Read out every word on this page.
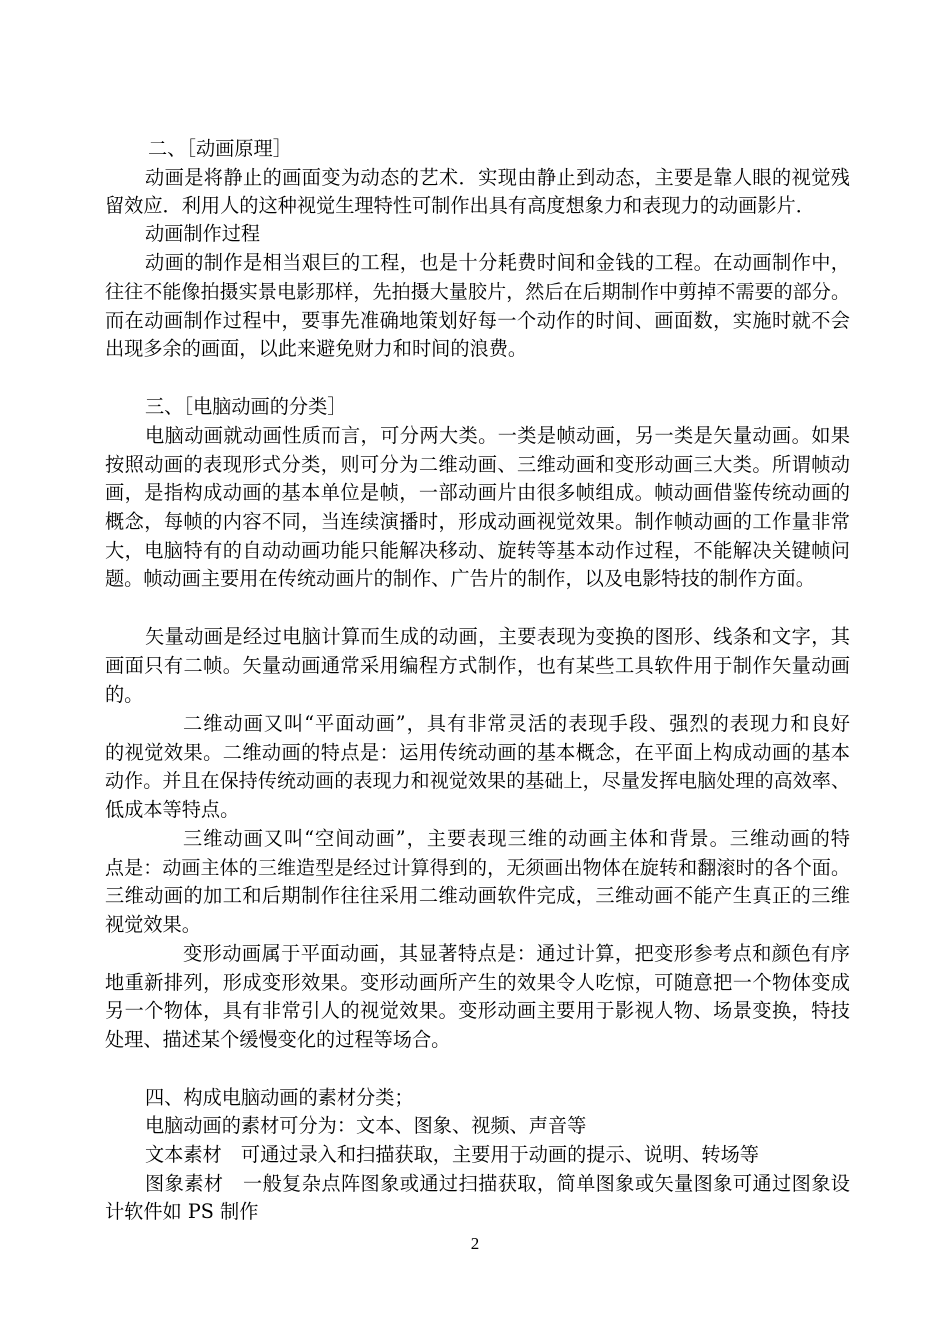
二、［动画原理］
动画是将静止的画面变为动态的艺术．实现由静止到动态，主要是靠人眼的视觉残
留效应．利用人的这种视觉生理特性可制作出具有高度想象力和表现力的动画影片．
动画制作过程
动画的制作是相当艰巨的工程，也是十分耗费时间和金钱的工程。在动画制作中，
往往不能像拍摄实景电影那样，先拍摄大量胶片，然后在后期制作中剪掉不需要的部分。
而在动画制作过程中，要事先准确地策划好每一个动作的时间、画面数，实施时就不会
出现多余的画面，以此来避免财力和时间的浪费。
三、［电脑动画的分类］
电脑动画就动画性质而言，可分两大类。一类是帧动画，另一类是矢量动画。如果
按照动画的表现形式分类，则可分为二维动画、三维动画和变形动画三大类。所谓帧动
画，是指构成动画的基本单位是帧，一部动画片由很多帧组成。帧动画借鉴传统动画的
概念，每帧的内容不同，当连续演播时，形成动画视觉效果。制作帧动画的工作量非常
大，电脑特有的自动动画功能只能解决移动、旋转等基本动作过程，不能解决关键帧问
题。帧动画主要用在传统动画片的制作、广告片的制作，以及电影特技的制作方面。
矢量动画是经过电脑计算而生成的动画，主要表现为变换的图形、线条和文字，其
画面只有二帧。矢量动画通常采用编程方式制作，也有某些工具软件用于制作矢量动画
的。
二维动画又叫“平面动画”，具有非常灵活的表现手段、强烈的表现力和良好
的视觉效果。二维动画的特点是：运用传统动画的基本概念，在平面上构成动画的基本
动作。并且在保持传统动画的表现力和视觉效果的基础上，尽量发挥电脑处理的高效率、
低成本等特点。
三维动画又叫“空间动画”，主要表现三维的动画主体和背景。三维动画的特
点是：动画主体的三维造型是经过计算得到的，无须画出物体在旋转和翻滚时的各个面。
三维动画的加工和后期制作往往采用二维动画软件完成，三维动画不能产生真正的三维
视觉效果。
变形动画属于平面动画，其显著特点是：通过计算，把变形参考点和颜色有序
地重新排列，形成变形效果。变形动画所产生的效果令人吃惊，可随意把一个物体变成
另一个物体，具有非常引人的视觉效果。变形动画主要用于影视人物、场景变换，特技
处理、描述某个缓慢变化的过程等场合。
四、构成电脑动画的素材分类；
电脑动画的素材可分为：文本、图象、视频、声音等
文本素材　可通过录入和扫描获取，主要用于动画的提示、说明、转场等
图象素材　一般复杂点阵图象或通过扫描获取，简单图象或矢量图象可通过图象设
计软件如 PS 制作
2
